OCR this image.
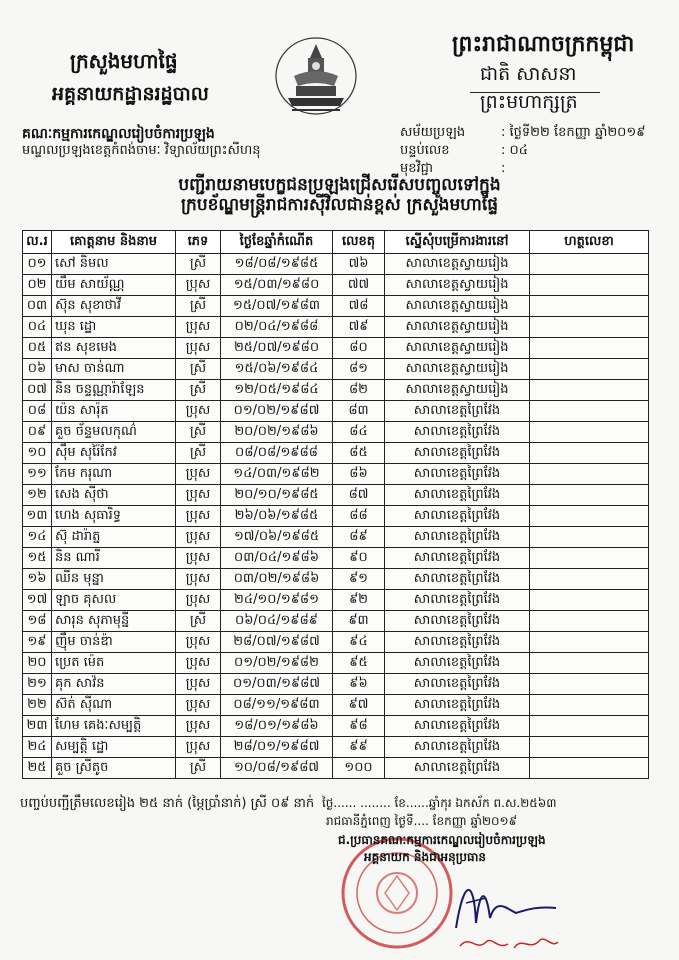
ក្រសួងមហាផ្ទៃ
អគ្គនាយកដ្ឋានរដ្ឋបាល
ព្រះរាជាណាចក្រកម្ពុជា
ជាតិ សាសនា ព្រះមហាក្សត្រ
គណៈកម្មការកេណ្ឌលរៀបចំការប្រឡង
មណ្ឌលប្រឡងខេត្តកំពង់ចាមៈ វិទ្យាល័យព្រះសីហនុ
សម័យប្រឡង	: ថ្ងៃទី២២ ខែកញ្ញា ឆ្នាំ២០១៩
បន្ទប់លេខ	: ០៤
មុខវិជ្ជា	:
បញ្ជីរាយនាមបេក្ខជនប្រឡងជ្រើសរើសបញ្ចូលទៅក្នុង
ក្របខ័ណ្ឌមន្ត្រីរាជការស៊ីវិលជាន់ខ្ពស់ ក្រសួងមហាផ្ទៃ
ល.រ	គោត្តនាម និងនាម	ភេទ	ថ្ងៃខែឆ្នាំកំណើត	លេខតុ	ស្នើសុំបម្រើការងារនៅ	ហត្ថលេខា
០១	សៅ និមល	ស្រី	១៨/០៨/១៩៨៥	៧៦	សាលាខេត្តស្វាយរៀង	
០២	យឹម សាយ័ណ្ណ	ប្រុស	១៥/០៣/១៩៨០	៧៧	សាលាខេត្តស្វាយរៀង	
០៣	ស៊ុន សុខាថាវី	ស្រី	១៥/០៧/១៩៨៣	៧៨	សាលាខេត្តស្វាយរៀង	
០៤	ឃុន ដ្ឋោ	ប្រុស	០២/០៤/១៩៨៨	៧៩	សាលាខេត្តស្វាយរៀង	
០៥	ឥន សុខមេង	ប្រុស	២៥/០៧/១៩៨០	៨០	សាលាខេត្តស្វាយរៀង	
០៦	មាស ចាន់ណា	ស្រី	១៥/០៦/១៩៨៤	៨១	សាលាខេត្តស្វាយរៀង	
០៧	និន ចន្ទណ្ណារ៉ាឡែន	ស្រី	១២/០៥/១៩៨៤	៨២	សាលាខេត្តស្វាយរៀង	
០៨	យ៉ន សារ៉ុត	ប្រុស	០១/០២/១៩៨៧	៨៣	សាលាខេត្តព្រៃវែង	
០៩	គួច ច័ន្ទមលកុណ៌	ស្រី	២០/០២/១៩៨៦	៨៤	សាលាខេត្តព្រៃវែង	
១០	ស៊ឹម សុរ៉ៃកែវ	ស្រី	០៨/០៨/១៩៨៨	៨៥	សាលាខេត្តព្រៃវែង	
១១	កែម ករុណា	ប្រុស	១៤/០៣/១៩៨២	៨៦	សាលាខេត្តព្រៃវែង	
១២	សេង ស៊ីថា	ប្រុស	២០/១០/១៩៨៥	៨៧	សាលាខេត្តព្រៃវែង	
១៣	ហេង សុធារិទ្ធ	ប្រុស	២៦/០៦/១៩៨៥	៨៨	សាលាខេត្តព្រៃវែង	
១៤	ស៊ុ ដារ៉ាត្ន	ប្រុស	១៧/០៦/១៩៨៥	៨៩	សាលាខេត្តព្រៃវែង	
១៥	និន ណារី	ប្រុស	០៣/០៤/១៩៨៦	៩០	សាលាខេត្តព្រៃវែង	
១៦	ឈីន មុន្នា	ប្រុស	០៣/០២/១៩៨៦	៩១	សាលាខេត្តព្រៃវែង	
១៧	ឡាច គុសល	ប្រុស	២៤/១០/១៩៨១	៩២	សាលាខេត្តព្រៃវែង	
១៨	សារុន សុភាមុន្នី	ស្រី	០៦/០៤/១៩៨៩	៩៣	សាលាខេត្តព្រៃវែង	
១៩	ញ៉ឹម ចាន់ឌ៉ា	ប្រុស	២៨/០៧/១៩៨៧	៩៤	សាលាខេត្តព្រៃវែង	
២០	ប្រេត ម៉េត	ប្រុស	០១/០២/១៩៨២	៩៥	សាលាខេត្តព្រៃវែង	
២១	គុក សាវ៉ន	ប្រុស	០១/០៣/១៩៨៧	៩៦	សាលាខេត្តព្រៃវែង	
២២	ស៊ត់ ស៊ីណា	ប្រុស	០៨/១១/១៩៨៣	៩៧	សាលាខេត្តព្រៃវែង	
២៣	ហែម គេងៈសម្បត្តិ	ប្រុស	១៨/០១/១៩៨៦	៩៨	សាលាខេត្តព្រៃវែង	
២៤	សម្បត្តិ ដ្ឋោ	ប្រុស	២៨/០១/១៩៨៧	៩៩	សាលាខេត្តព្រៃវែង	
២៥	គួច ស្រីតូច	ស្រី	១០/០៨/១៩៨៧	១០០	សាលាខេត្តព្រៃវែង	
បញ្ចប់បញ្ជីត្រឹមលេខរៀង ២៥ នាក់ (ម្ភៃប្រាំនាក់) ស្រី ០៩ នាក់ ថ្ងៃ...... ........ ខែ......ឆ្នាំកុរ ឯកស័ក ព.ស.២៥៦៣
រាជធានីភ្នំពេញ ថ្ងៃទី.... ខែកញ្ញា ឆ្នាំ២០១៩
ជ.ប្រធានគណៈកម្មការកេណ្ឌលរៀបចំការប្រឡង
អគ្គនាយក និងជាអនុប្រធាន
